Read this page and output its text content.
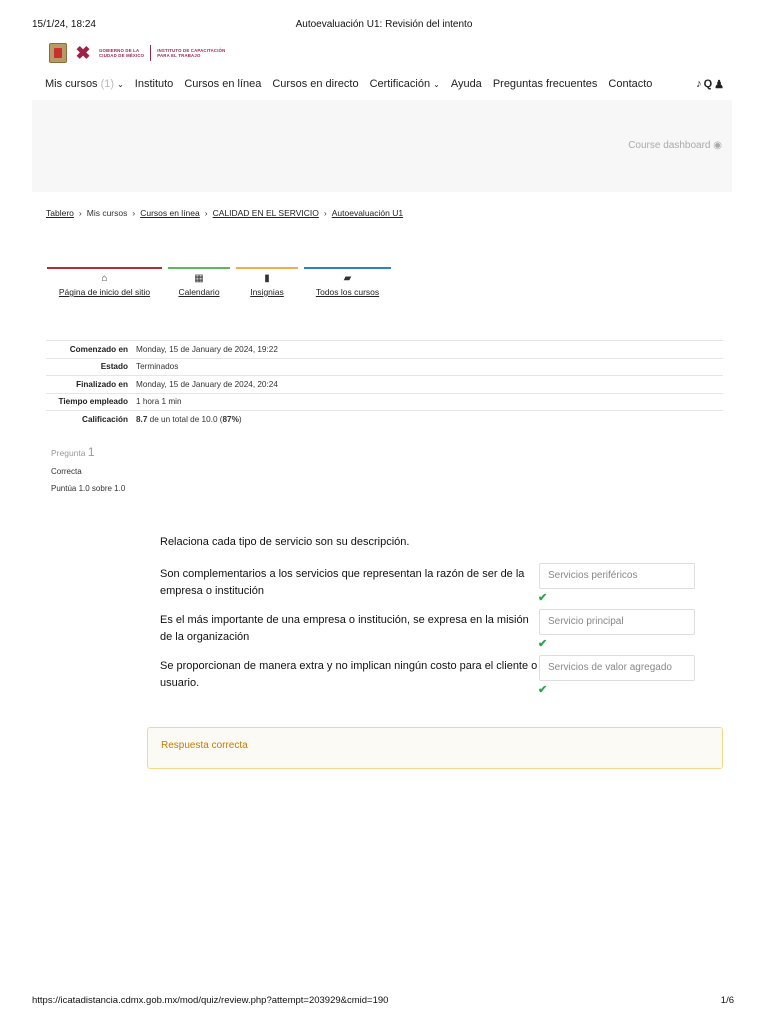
15/1/24, 18:24	Autoevaluación U1: Revisión del intento
✖	GOBIERNO DE LA
CIUDAD DE MÉXICO
INSTITUTO DE CAPACITACIÓN
PARA EL TRABAJO
Mis cursos (1) ⌄ Instituto Cursos en línea Cursos en directo Certificación ⌄ Ayuda Preguntas frecuentes Contacto	♪ Q ♟
Course dashboard ◉
Tablero › Mis cursos › Cursos en línea › CALIDAD EN EL SERVICIO › Autoevaluación U1
⌂
Página de inicio del sitio
▦
Calendario
▮
Insignias
▰
Todos los cursos
Comenzado en	Monday, 15 de January de 2024, 19:22
Estado	Terminados
Finalizado en	Monday, 15 de January de 2024, 20:24
Tiempo empleado	1 hora 1 min
Calificación	8.7 de un total de 10.0 (87%)
Pregunta 1
Correcta
Puntúa 1.0 sobre 1.0
Relaciona cada tipo de servicio son su descripción.
Son complementarios a los servicios que representan la razón de ser de la empresa o institución
Servicios periféricos
✔
Es el más importante de una empresa o institución, se expresa en la misión de la organización
Servicio principal
✔
Se proporcionan de manera extra y no implican ningún costo para el cliente o usuario.
Servicios de valor agregado
✔
Respuesta correcta
https://icatadistancia.cdmx.gob.mx/mod/quiz/review.php?attempt=203929&cmid=190	1/6
